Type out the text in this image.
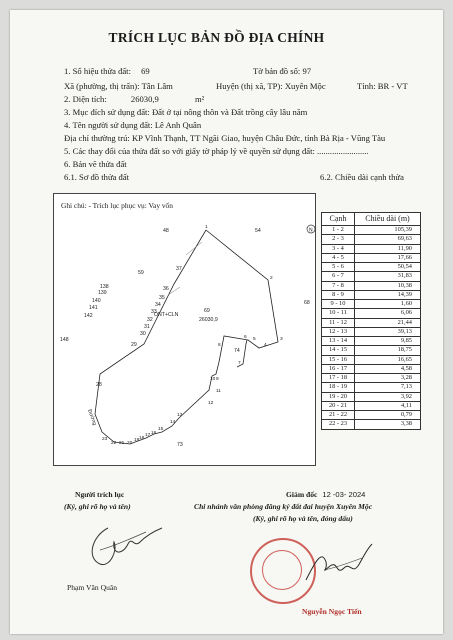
TRÍCH LỤC BẢN ĐỒ ĐỊA CHÍNH
1. Số hiệu thửa đất: 69	Tờ bản đồ số: 97
Xã (phường, thị trấn): Tân Lâm	Huyện (thị xã, TP): Xuyên Mộc	Tỉnh: BR - VT
2. Diện tích:	26030,9	m²
3. Mục đích sử dụng đất: Đất ở tại nông thôn và Đất trồng cây lâu năm
4. Tên người sử dụng đất: Lê Anh Quân
Địa chỉ thường trú: KP Vĩnh Thạnh, TT Ngãi Giao, huyện Châu Đức, tỉnh Bà Rịa - Vũng Tàu
5. Các thay đổi của thửa đất so với giấy tờ pháp lý về quyền sử dụng đất: ........................
6. Bản vẽ thửa đất
6.1. Sơ đồ thửa đất	6.2. Chiều dài cạnh thửa
N
Ghi chú: - Trích lục phục vụ: Vay vốn
ONT+CLN
69
26030,9
74
48	54
59
68
73
148
37
36
35
34
33
32
31
30
138
139
140
141
142
29
28
Đường
1
2
3
4
5
6
7
8
9
10
11
12
13
14
15
16
17
18
19
20
21
22
23
Cạnh	Chiều dài (m)
1 - 2	105,39
2 - 3	69,63
3 - 4	11,90
4 - 5	17,66
5 - 6	50,54
6 - 7	31,83
7 - 8	10,38
8 - 9	14,39
9 - 10	1,60
10 - 11	6,06
11 - 12	21,44
12 - 13	39,13
13 - 14	9,85
14 - 15	18,75
15 - 16	16,65
16 - 17	4,58
17 - 18	3,28
18 - 19	7,13
19 - 20	3,92
20 - 21	4,11
21 - 22	0,79
22 - 23	3,38
Người trích lục
(Ký, ghi rõ họ và tên)
Phạm Văn Quân
Giám đốc 12 -03- 2024
Chi nhánh văn phòng đăng ký đất đai huyện Xuyên Mộc
(Ký, ghi rõ họ và tên, đóng dấu)
Nguyễn Ngọc Tiến
